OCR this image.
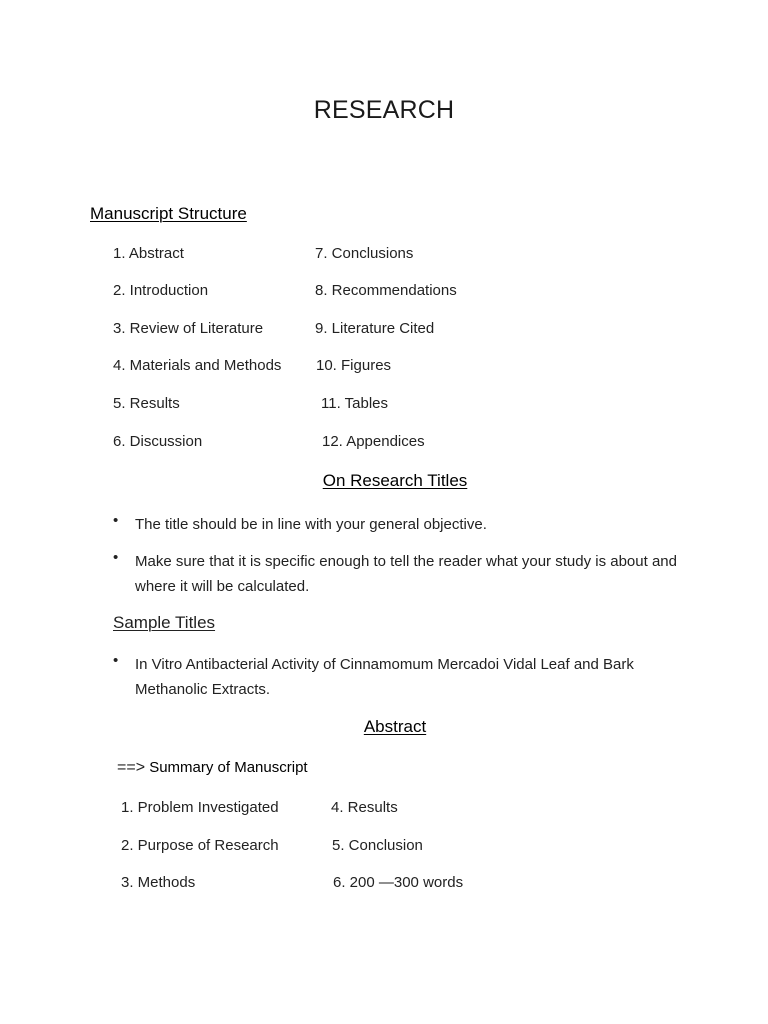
RESEARCH
Manuscript Structure
1. Abstract
2. Introduction
3. Review of Literature
4. Materials and Methods
5. Results
6. Discussion
7. Conclusions
8. Recommendations
9. Literature Cited
10. Figures
11. Tables
12. Appendices
On Research Titles
• The title should be in line with your general objective.
• Make sure that it is specific enough to tell the reader what your study is about and where it will be calculated.
Sample Titles
• In Vitro Antibacterial Activity of Cinnamomum Mercadoi Vidal Leaf and Bark Methanolic Extracts.
Abstract
==> Summary of Manuscript
1. Problem Investigated
2. Purpose of Research
3. Methods
4. Results
5. Conclusion
6. 200 —300 words
